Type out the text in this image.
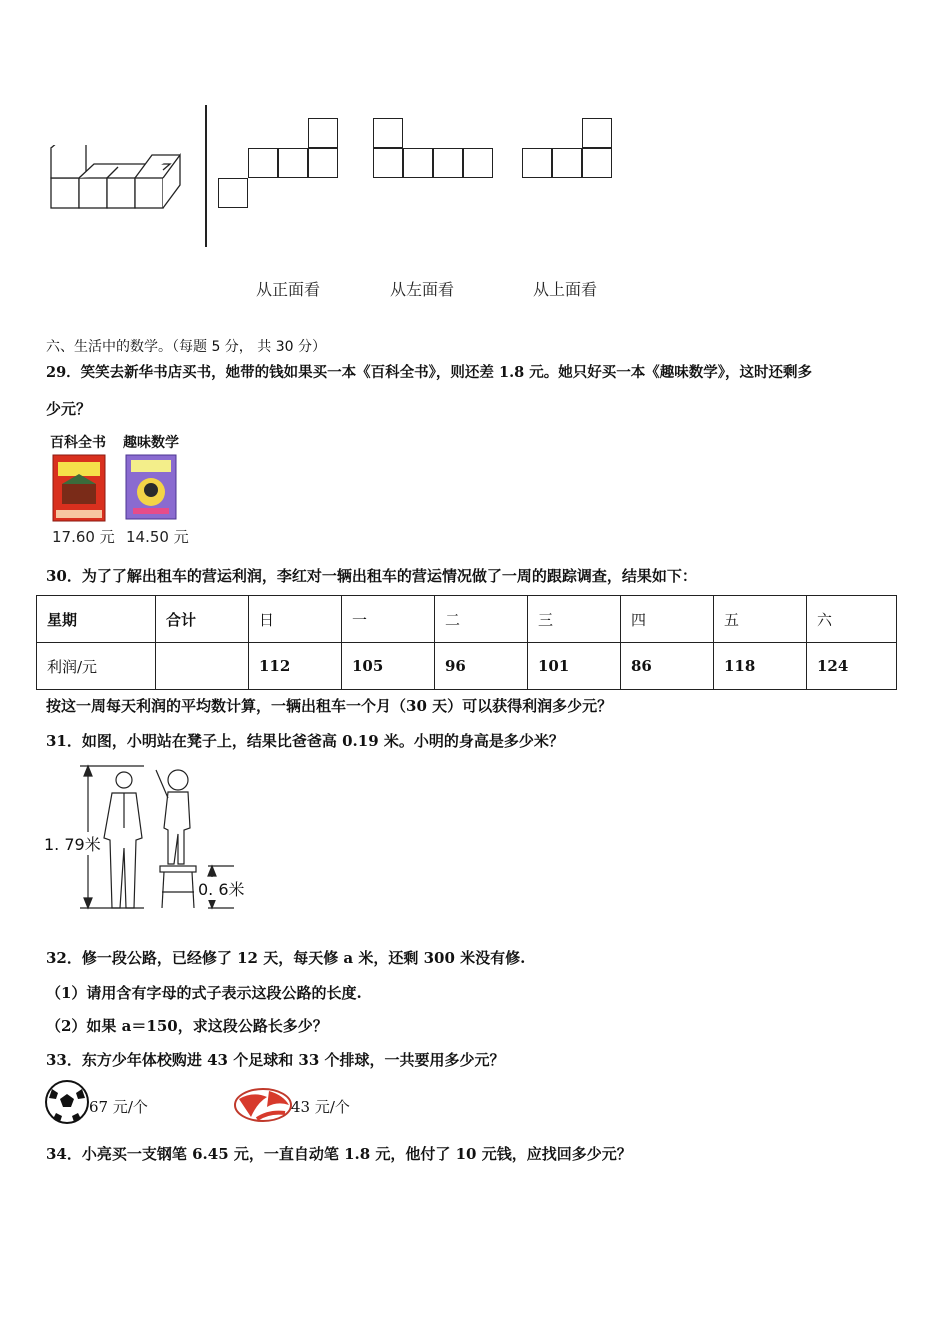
从正面看	从左面看	从上面看
六、生活中的数学。（每题 5 分， 共 30 分）
29．笑笑去新华书店买书，她带的钱如果买一本《百科全书》，则还差 1.8 元。她只好买一本《趣味数学》，这时还剩多
少元？
百科全书
17.60 元
趣味数学
14.50 元
30．为了了解出租车的营运利润，李红对一辆出租车的营运情况做了一周的跟踪调查，结果如下：
星期	合计	日	一	二	三	四	五	六
利润/元		112	105	96	101	86	118	124
按这一周每天利润的平均数计算，一辆出租车一个月（30 天）可以获得利润多少元？
31．如图，小明站在凳子上，结果比爸爸高 0.19 米。小明的身高是多少米？
1. 79米
0. 6米
32．修一段公路，已经修了 12 天，每天修 a 米，还剩 300 米没有修.
（1）请用含有字母的式子表示这段公路的长度.
（2）如果 a＝150，求这段公路长多少？
33．东方少年体校购进 43 个足球和 33 个排球，一共要用多少元？
67 元/个	43 元/个
34．小亮买一支钢笔 6.45 元，一直自动笔 1.8 元，他付了 10 元钱，应找回多少元？
